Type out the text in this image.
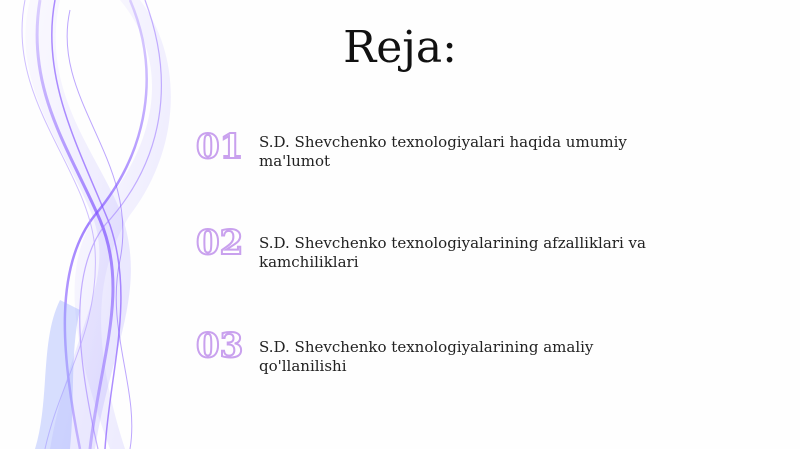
Reja:
01	S.D. Shevchenko texnologiyalari haqida umumiy ma'lumot
02	S.D. Shevchenko texnologiyalarining afzalliklari va kamchiliklari
03	S.D. Shevchenko texnologiyalarining amaliy qo'llanilishi
